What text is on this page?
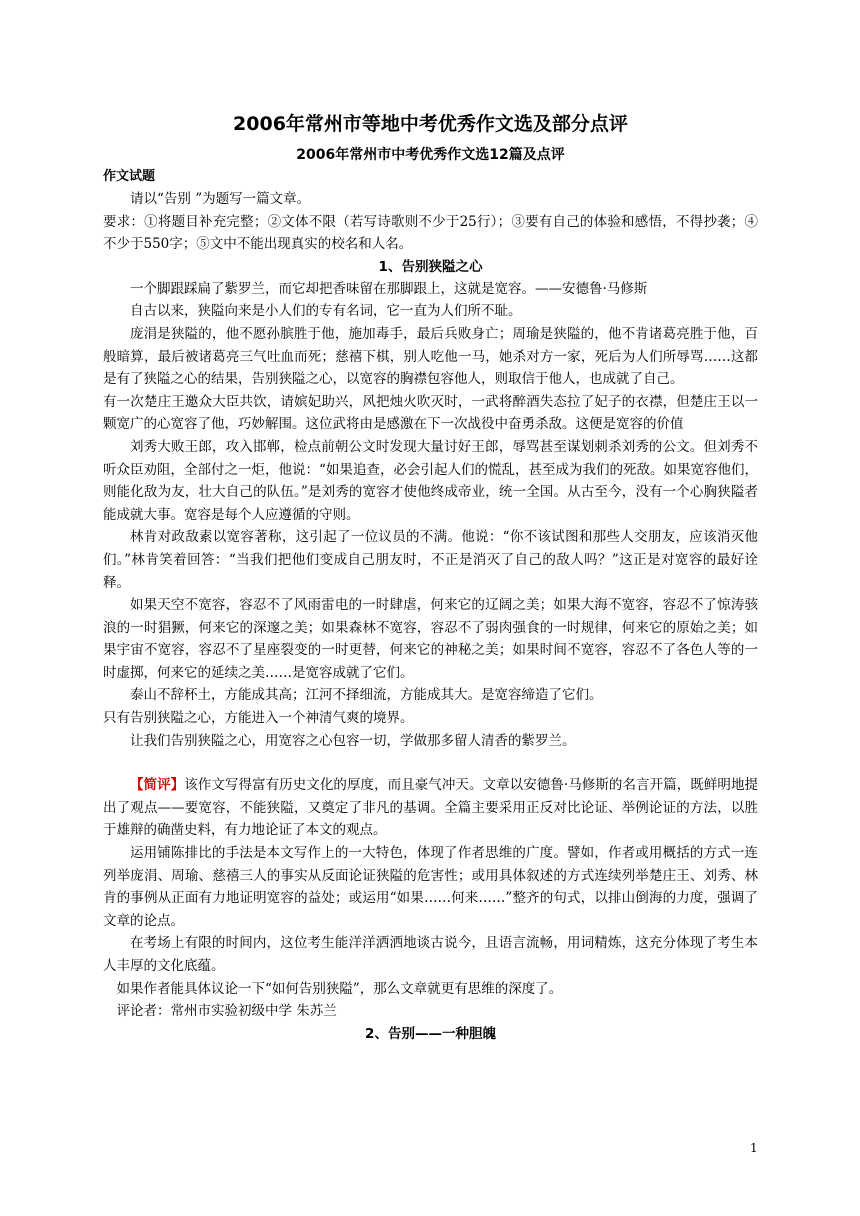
2006年常州市等地中考优秀作文选及部分点评
2006年常州市中考优秀作文选12篇及点评
作文试题

请以“告别 ”为题写一篇文章。

要求：①将题目补充完整；②文体不限（若写诗歌则不少于25行）；③要有自己的体验和感悟，不得抄袭；④不少于550字；⑤文中不能出现真实的校名和人名。

1、告别狭隘之心

一个脚跟踩扁了紫罗兰，而它却把香味留在那脚跟上，这就是宽容。——安德鲁·马修斯

自古以来，狭隘向来是小人们的专有名词，它一直为人们所不耻。

庞涓是狭隘的，他不愿孙膑胜于他，施加毒手，最后兵败身亡；周瑜是狭隘的，他不肯诸葛亮胜于他，百般暗算，最后被诸葛亮三气吐血而死；慈禧下棋，别人吃他一马，她杀对方一家，死后为人们所辱骂……这都是有了狭隘之心的结果，告别狭隘之心，以宽容的胸襟包容他人，则取信于他人，也成就了自己。

有一次楚庄王邀众大臣共饮，请嫔妃助兴，风把烛火吹灭时，一武将醉酒失态拉了妃子的衣襟，但楚庄王以一颗宽广的心宽容了他，巧妙解围。这位武将由是感激在下一次战役中奋勇杀敌。这便是宽容的价值

刘秀大败王郎，攻入邯郸，检点前朝公文时发现大量讨好王郎，辱骂甚至谋划刺杀刘秀的公文。但刘秀不听众臣劝阻，全部付之一炬，他说：“如果追查，必会引起人们的慌乱，甚至成为我们的死敌。如果宽容他们，则能化敌为友，壮大自己的队伍。”是刘秀的宽容才使他终成帝业，统一全国。从古至今，没有一个心胸狭隘者能成就大事。宽容是每个人应遵循的守则。

林肯对政敌素以宽容著称，这引起了一位议员的不满。他说：“你不该试图和那些人交朋友，应该消灭他们。”林肯笑着回答：“当我们把他们变成自己朋友时，不正是消灭了自己的敌人吗？”这正是对宽容的最好诠释。

如果天空不宽容，容忍不了风雨雷电的一时肆虐，何来它的辽阔之美；如果大海不宽容，容忍不了惊涛骇浪的一时猖獗，何来它的深邃之美；如果森林不宽容，容忍不了弱肉强食的一时规律，何来它的原始之美；如果宇宙不宽容，容忍不了星座裂变的一时更替，何来它的神秘之美；如果时间不宽容，容忍不了各色人等的一时虚掷，何来它的延续之美……是宽容成就了它们。

泰山不辞杯土，方能成其高；江河不择细流，方能成其大。是宽容缔造了它们。

只有告别狭隘之心，方能进入一个神清气爽的境界。

让我们告别狭隘之心，用宽容之心包容一切，学做那多留人清香的紫罗兰。

【简评】该作文写得富有历史文化的厚度，而且豪气冲天。文章以安德鲁·马修斯的名言开篇，既鲜明地提出了观点——要宽容，不能狭隘，又奠定了非凡的基调。全篇主要采用正反对比论证、举例论证的方法，以胜于雄辩的确凿史料，有力地论证了本文的观点。

运用铺陈排比的手法是本文写作上的一大特色，体现了作者思维的广度。譬如，作者或用概括的方式一连列举庞涓、周瑜、慈禧三人的事实从反面论证狭隘的危害性；或用具体叙述的方式连续列举楚庄王、刘秀、林肯的事例从正面有力地证明宽容的益处；或运用“如果……何来……”整齐的句式，以排山倒海的力度，强调了文章的论点。

在考场上有限的时间内，这位考生能洋洋洒洒地谈古说今，且语言流畅，用词精炼，这充分体现了考生本人丰厚的文化底蕴。

如果作者能具体议论一下“如何告别狭隘”，那么文章就更有思维的深度了。

评论者：常州市实验初级中学 朱苏兰

2、告别——一种胆魄
1
